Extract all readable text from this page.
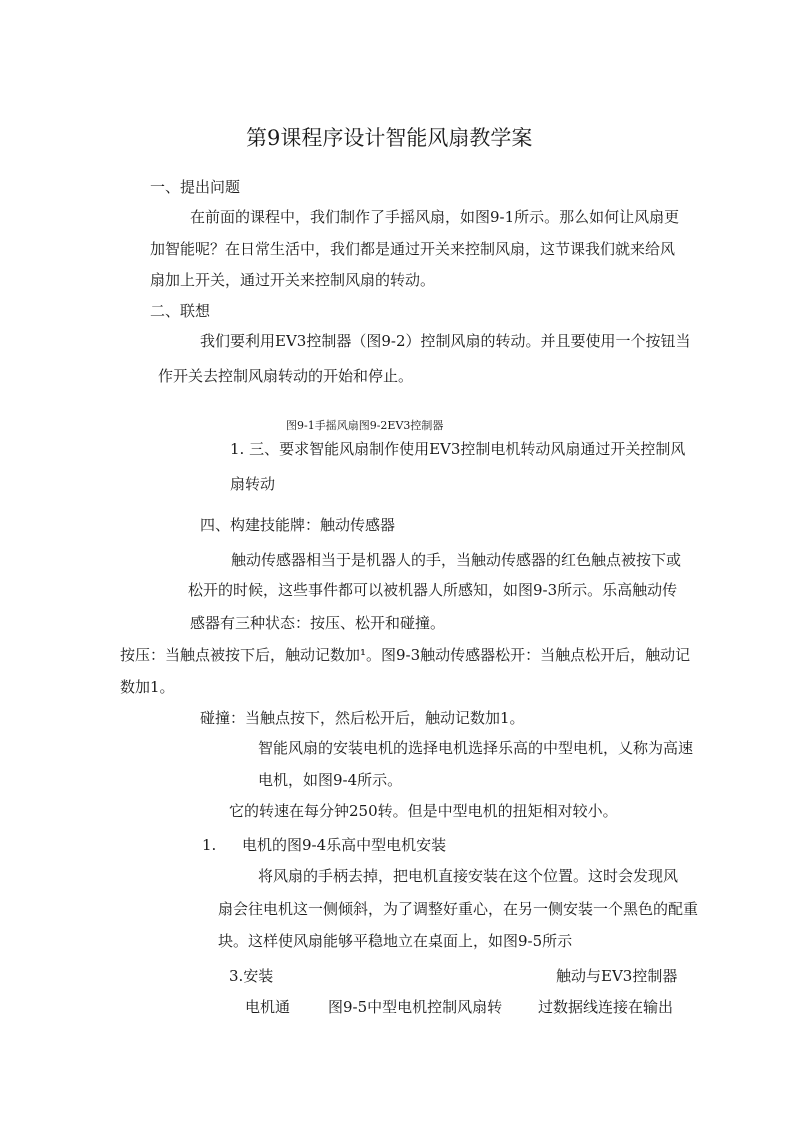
第9课程序设计智能风扇教学案
一、提出问题
在前面的课程中，我们制作了手摇风扇，如图9-1所示。那么如何让风扇更
加智能呢？在日常生活中，我们都是通过开关来控制风扇，这节课我们就来给风
扇加上开关，通过开关来控制风扇的转动。
二、联想
我们要利用EV3控制器（图9-2）控制风扇的转动。并且要使用一个按钮当
作开关去控制风扇转动的开始和停止。
图9-1手摇风扇图9-2EV3控制器
1. 三、要求智能风扇制作使用EV3控制电机转动风扇通过开关控制风
扇转动
四、构建技能牌：触动传感器
触动传感器相当于是机器人的手，当触动传感器的红色触点被按下或
松开的时候，这些事件都可以被机器人所感知，如图9-3所示。乐高触动传
感器有三种状态：按压、松开和碰撞。
按压：当触点被按下后，触动记数加¹。图9-3触动传感器松开：当触点松开后，触动记
数加1。
碰撞：当触点按下，然后松开后，触动记数加1。
智能风扇的安装电机的选择电机选择乐高的中型电机，乂称为高速
电机，如图9-4所示。
它的转速在每分钟250转。但是中型电机的扭矩相对较小。
1. 电机的图9-4乐高中型电机安装
将风扇的手柄去掉，把电机直接安装在这个位置。这时会发现风
扇会往电机这一侧倾斜，为了调整好重心，在另一侧安装一个黑色的配重
块。这样使风扇能够平稳地立在桌面上，如图9-5所示
3.安装	触动与EV3控制器
电机通	图9-5中型电机控制风扇转 过数据线连接在输出
